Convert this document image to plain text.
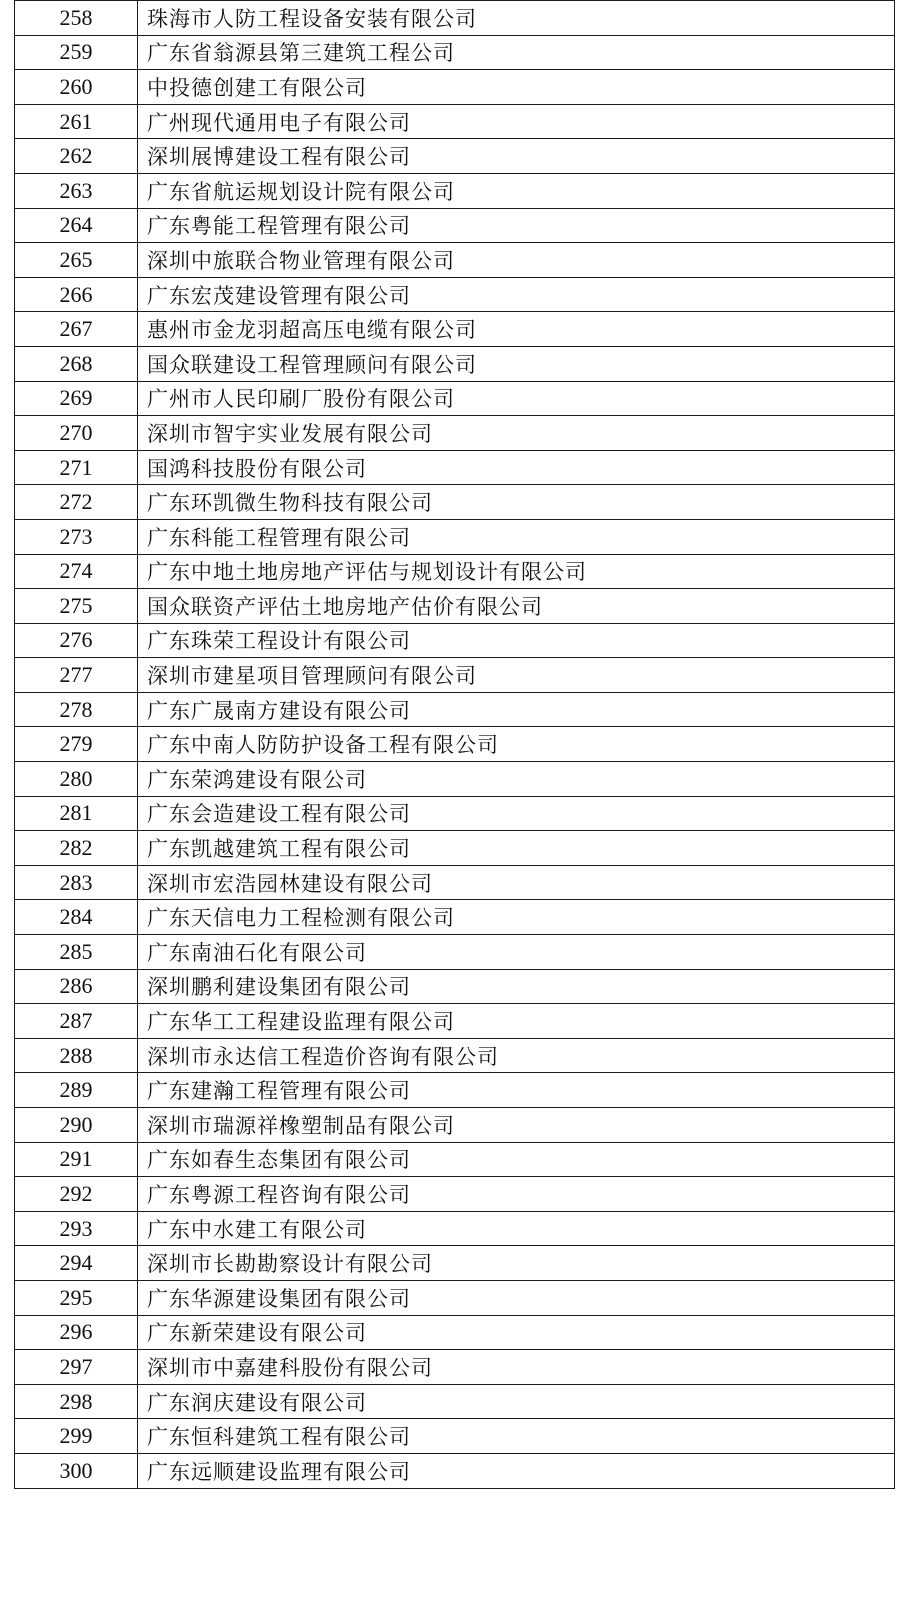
258	珠海市人防工程设备安装有限公司
259	广东省翁源县第三建筑工程公司
260	中投德创建工有限公司
261	广州现代通用电子有限公司
262	深圳展博建设工程有限公司
263	广东省航运规划设计院有限公司
264	广东粤能工程管理有限公司
265	深圳中旅联合物业管理有限公司
266	广东宏茂建设管理有限公司
267	惠州市金龙羽超高压电缆有限公司
268	国众联建设工程管理顾问有限公司
269	广州市人民印刷厂股份有限公司
270	深圳市智宇实业发展有限公司
271	国鸿科技股份有限公司
272	广东环凯微生物科技有限公司
273	广东科能工程管理有限公司
274	广东中地土地房地产评估与规划设计有限公司
275	国众联资产评估土地房地产估价有限公司
276	广东珠荣工程设计有限公司
277	深圳市建星项目管理顾问有限公司
278	广东广晟南方建设有限公司
279	广东中南人防防护设备工程有限公司
280	广东荣鸿建设有限公司
281	广东会造建设工程有限公司
282	广东凯越建筑工程有限公司
283	深圳市宏浩园林建设有限公司
284	广东天信电力工程检测有限公司
285	广东南油石化有限公司
286	深圳鹏利建设集团有限公司
287	广东华工工程建设监理有限公司
288	深圳市永达信工程造价咨询有限公司
289	广东建瀚工程管理有限公司
290	深圳市瑞源祥橡塑制品有限公司
291	广东如春生态集团有限公司
292	广东粤源工程咨询有限公司
293	广东中水建工有限公司
294	深圳市长勘勘察设计有限公司
295	广东华源建设集团有限公司
296	广东新荣建设有限公司
297	深圳市中嘉建科股份有限公司
298	广东润庆建设有限公司
299	广东恒科建筑工程有限公司
300	广东远顺建设监理有限公司
